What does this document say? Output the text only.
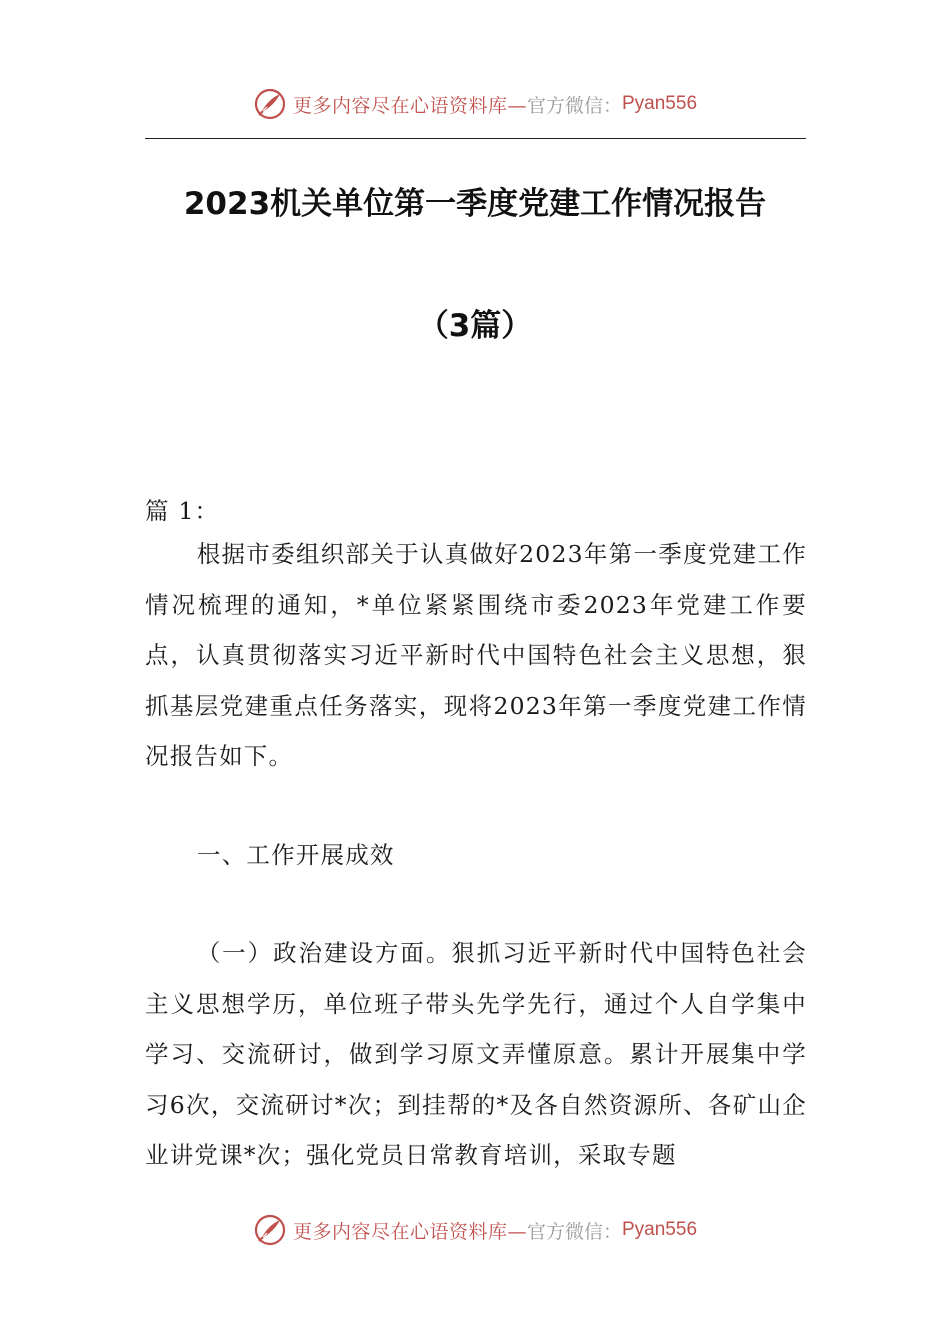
更多内容尽在心语资料库— 官方微信： Pyan556
2023机关单位第一季度党建工作情况报告
（3篇）
篇 1：
根据市委组织部关于认真做好2023年第一季度党建工作情况梳理的通知，*单位紧紧围绕市委2023年党建工作要点，认真贯彻落实习近平新时代中国特色社会主义思想，狠抓基层党建重点任务落实，现将2023年第一季度党建工作情况报告如下。
一、工作开展成效
（一）政治建设方面。狠抓习近平新时代中国特色社会主义思想学历，单位班子带头先学先行，通过个人自学集中学习、交流研讨，做到学习原文弄懂原意。累计开展集中学习6次，交流研讨*次；到挂帮的*及各自然资源所、各矿山企业讲党课*次；强化党员日常教育培训，采取专题
更多内容尽在心语资料库— 官方微信： Pyan556
